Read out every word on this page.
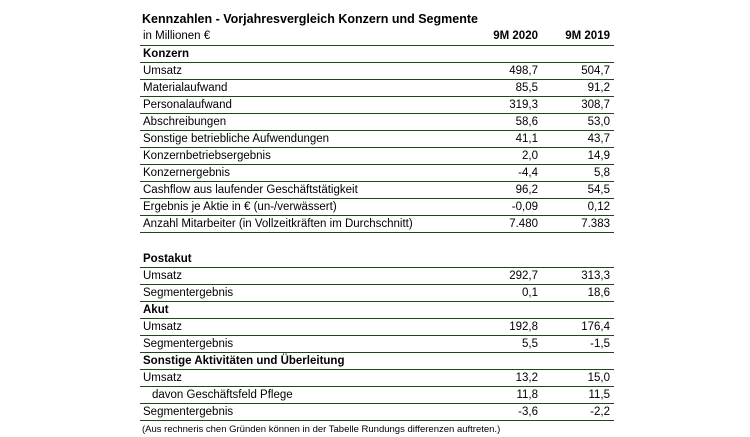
Kennzahlen - Vorjahresvergleich Konzern und Segmente
in Millionen €	9M 2020	9M 2019
Konzern
Umsatz	498,7	504,7
Materialaufwand	85,5	91,2
Personalaufwand	319,3	308,7
Abschreibungen	58,6	53,0
Sonstige betriebliche Aufwendungen	41,1	43,7
Konzernbetriebsergebnis	2,0	14,9
Konzernergebnis	-4,4	5,8
Cashflow aus laufender Geschäftstätigkeit	96,2	54,5
Ergebnis je Aktie in € (un-/verwässert)	-0,09	0,12
Anzahl Mitarbeiter (in Vollzeitkräften im Durchschnitt)	7.480	7.383
Postakut
Umsatz	292,7	313,3
Segmentergebnis	0,1	18,6
Akut
Umsatz	192,8	176,4
Segmentergebnis	5,5	-1,5
Sonstige Aktivitäten und Überleitung
Umsatz	13,2	15,0
davon Geschäftsfeld Pflege	11,8	11,5
Segmentergebnis	-3,6	-2,2
(Aus rechneris chen Gründen können in der Tabelle Rundungs differenzen auftreten.)
